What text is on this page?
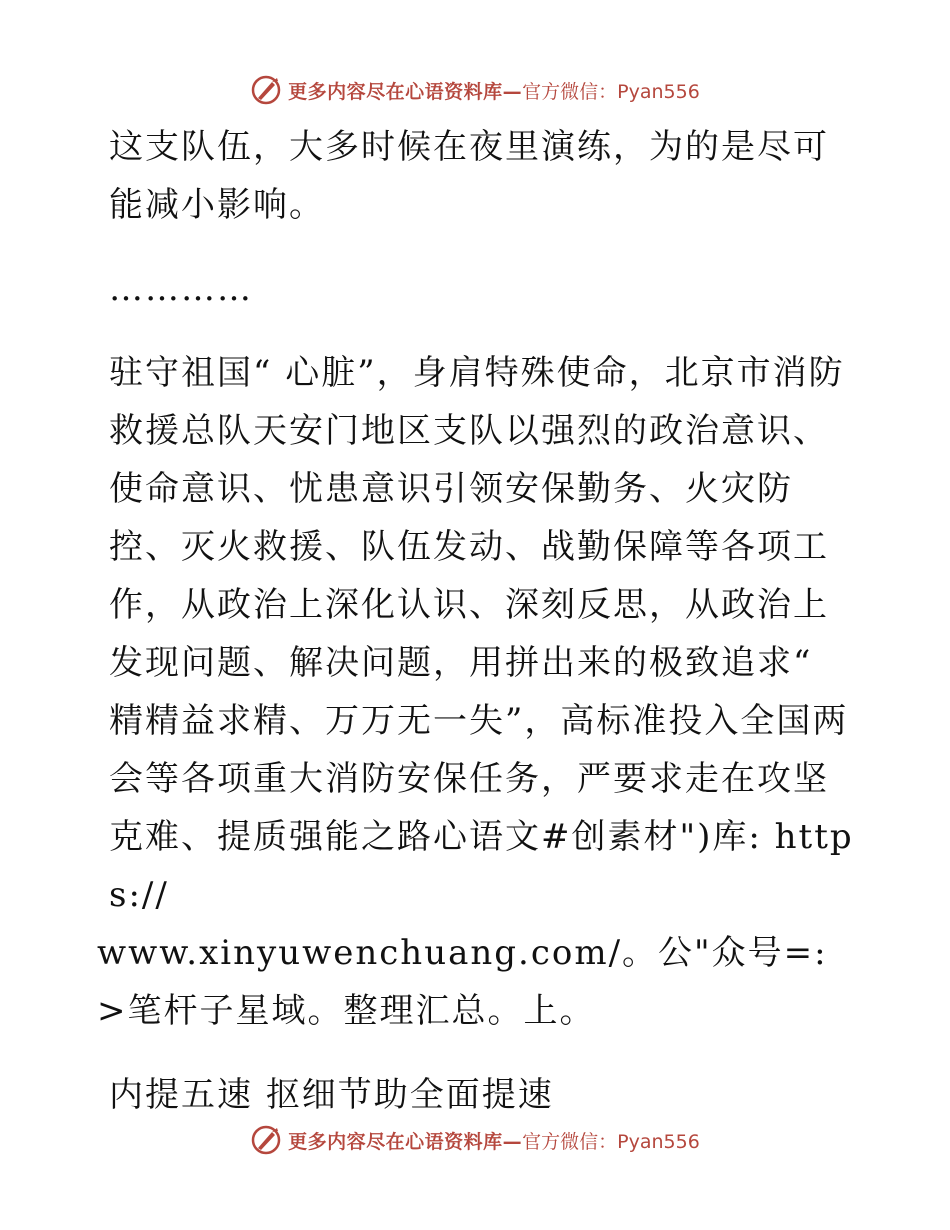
更多内容尽在心语资料库— 官方微信：Pyan556

这支队伍，大多时候在夜里演练，为的是尽可能减小影响。

…………

驻守祖国“ 心脏”，身肩特殊使命，北京市消防救援总队天安门地区支队以强烈的政治意识、使命意识、忧患意识引领安保勤务、火灾防控、灭火救援、队伍发动、战勤保障等各项工作，从政治上深化认识、深刻反思，从政治上发现问题、解决问题，用拼出来的极致追求“ 精精益求精、万万无一失”，高标准投入全国两会等各项重大消防安保任务，严要求走在攻坚克难、提质强能之路心语文#创素材")库: https://

www.xinyuwenchuang.com/。公"众号=: >笔杆子星域。整理汇总。上。

内提五速 抠细节助全面提速

更多内容尽在心语资料库— 官方微信：Pyan556
